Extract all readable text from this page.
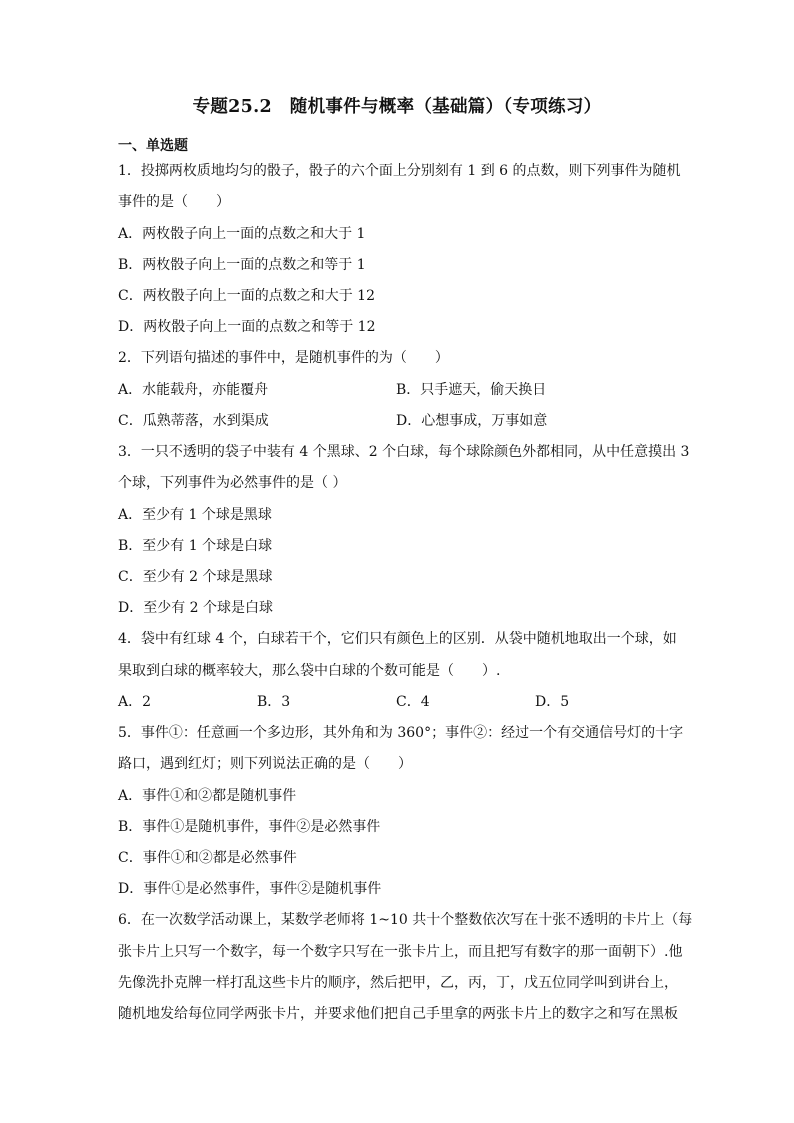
专题25.2　随机事件与概率（基础篇）（专项练习）
一、单选题
1．投掷两枚质地均匀的骰子，骰子的六个面上分别刻有 1 到 6 的点数，则下列事件为随机
事件的是（　　）
A．两枚骰子向上一面的点数之和大于 1
B．两枚骰子向上一面的点数之和等于 1
C．两枚骰子向上一面的点数之和大于 12
D．两枚骰子向上一面的点数之和等于 12
2．下列语句描述的事件中，是随机事件的为（　　）
A．水能载舟，亦能覆舟	B．只手遮天，偷天换日
C．瓜熟蒂落，水到渠成	D．心想事成，万事如意
3．一只不透明的袋子中装有 4 个黑球、2 个白球，每个球除颜色外都相同，从中任意摸出 3
个球，下列事件为必然事件的是（ ）
A．至少有 1 个球是黑球
B．至少有 1 个球是白球
C．至少有 2 个球是黑球
D．至少有 2 个球是白球
4．袋中有红球 4 个，白球若干个，它们只有颜色上的区别．从袋中随机地取出一个球，如
果取到白球的概率较大，那么袋中白球的个数可能是（　　）.
A．2	B．3	C．4	D．5
5．事件①：任意画一个多边形，其外角和为 360°；事件②：经过一个有交通信号灯的十字
路口，遇到红灯；则下列说法正确的是（　　）
A．事件①和②都是随机事件
B．事件①是随机事件，事件②是必然事件
C．事件①和②都是必然事件
D．事件①是必然事件，事件②是随机事件
6．在一次数学活动课上，某数学老师将 1~10 共十个整数依次写在十张不透明的卡片上（每
张卡片上只写一个数字，每一个数字只写在一张卡片上，而且把写有数字的那一面朝下）.他
先像洗扑克牌一样打乱这些卡片的顺序，然后把甲，乙，丙，丁，戊五位同学叫到讲台上，
随机地发给每位同学两张卡片，并要求他们把自己手里拿的两张卡片上的数字之和写在黑板
